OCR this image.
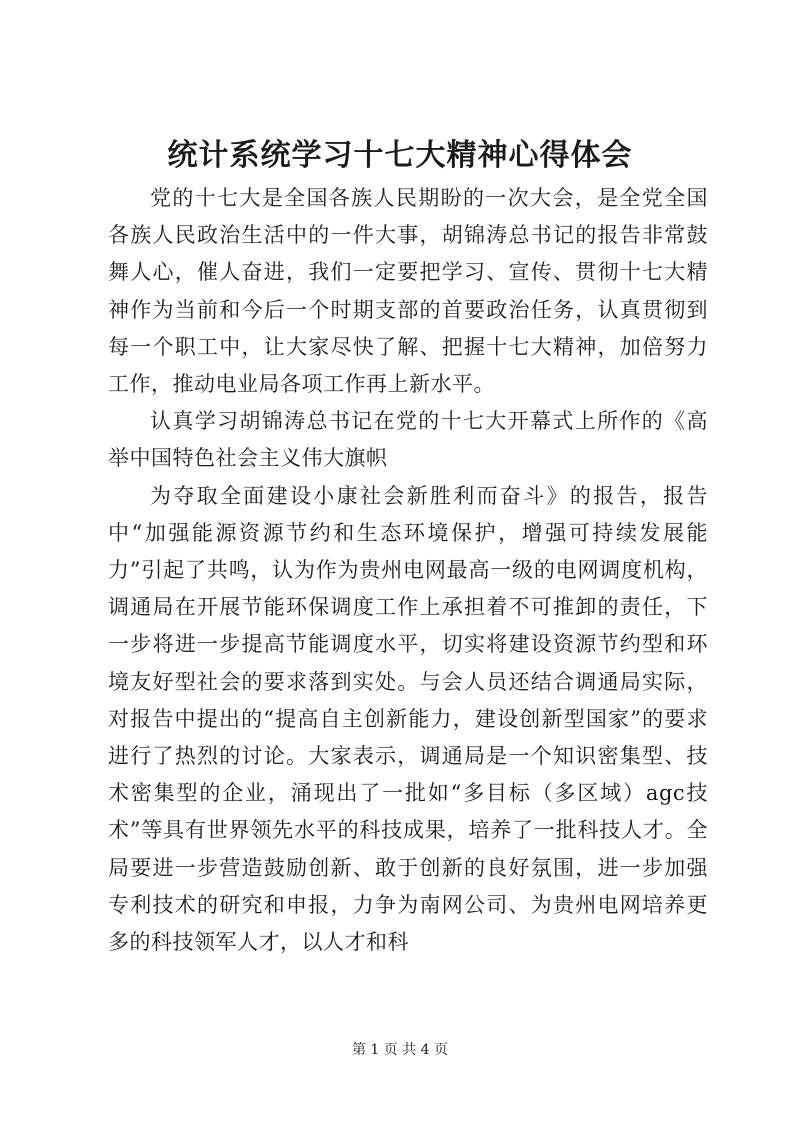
统计系统学习十七大精神心得体会

党的十七大是全国各族人民期盼的一次大会，是全党全国各族人民政治生活中的一件大事，胡锦涛总书记的报告非常鼓舞人心，催人奋进，我们一定要把学习、宣传、贯彻十七大精神作为当前和今后一个时期支部的首要政治任务，认真贯彻到每一个职工中，让大家尽快了解、把握十七大精神，加倍努力工作，推动电业局各项工作再上新水平。

认真学习胡锦涛总书记在党的十七大开幕式上所作的《高举中国特色社会主义伟大旗帜

为夺取全面建设小康社会新胜利而奋斗》的报告，报告中“加强能源资源节约和生态环境保护，增强可持续发展能力”引起了共鸣，认为作为贵州电网最高一级的电网调度机构，调通局在开展节能环保调度工作上承担着不可推卸的责任，下一步将进一步提高节能调度水平，切实将建设资源节约型和环境友好型社会的要求落到实处。与会人员还结合调通局实际，对报告中提出的“提高自主创新能力，建设创新型国家”的要求进行了热烈的讨论。大家表示，调通局是一个知识密集型、技术密集型的企业，涌现出了一批如“多目标（多区域）agc技术”等具有世界领先水平的科技成果，培养了一批科技人才。全局要进一步营造鼓励创新、敢于创新的良好氛围，进一步加强专利技术的研究和申报，力争为南网公司、为贵州电网培养更多的科技领军人才，以人才和科

第 1 页 共 4 页
